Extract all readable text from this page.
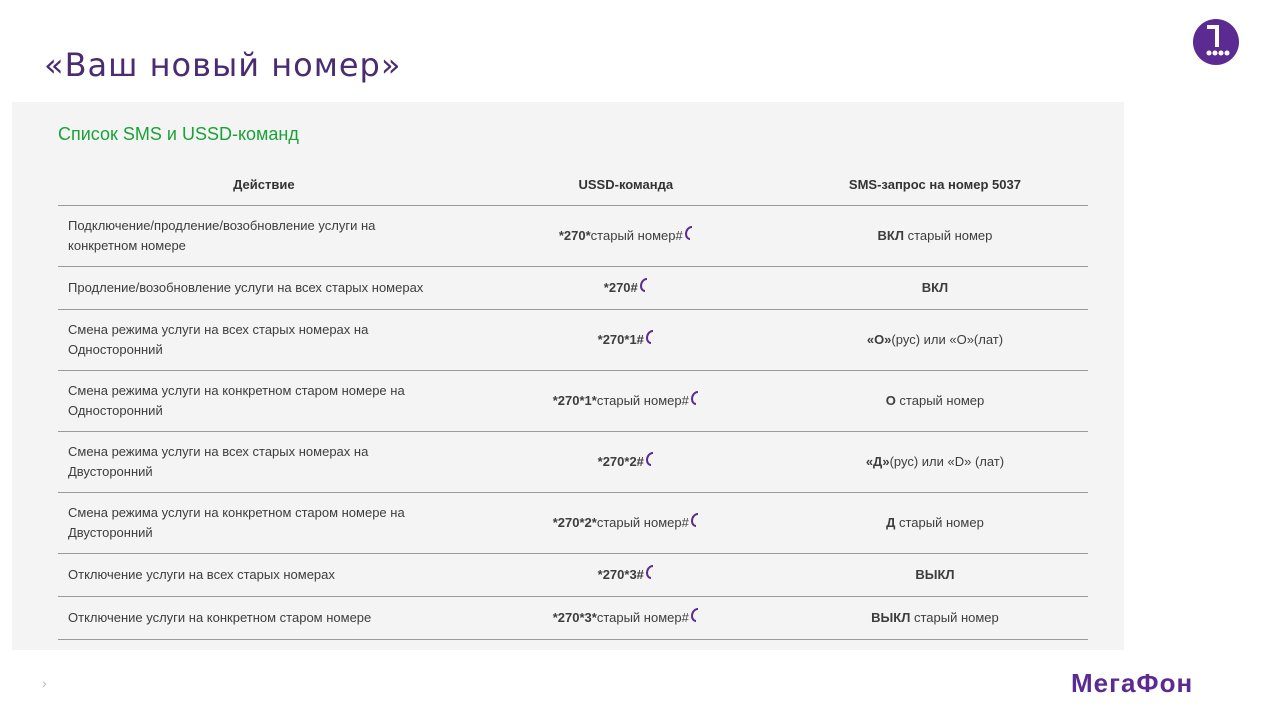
«Ваш новый номер»
Список SMS и USSD-команд
Действие	USSD-команда	SMS-запрос на номер 5037

Подключение/продление/возобновление услуги на
конкретном номере	*270*старый номер#	ВКЛ старый номер

Продление/возобновление услуги на всех старых номерах	*270#	ВКЛ

Смена режима услуги на всех старых номерах на
Односторонний	*270*1#	«О»(рус) или «О»(лат)

Смена режима услуги на конкретном старом номере на
Односторонний	*270*1*старый номер#	О старый номер

Смена режима услуги на всех старых номерах на
Двусторонний	*270*2#	«Д»(рус) или «D» (лат)

Смена режима услуги на конкретном старом номере на
Двусторонний	*270*2*старый номер#	Д старый номер

Отключение услуги на всех старых номерах	*270*3#	ВЫКЛ

Отключение услуги на конкретном старом номере	*270*3*старый номер#	ВЫКЛ старый номер
›	МегаФон
